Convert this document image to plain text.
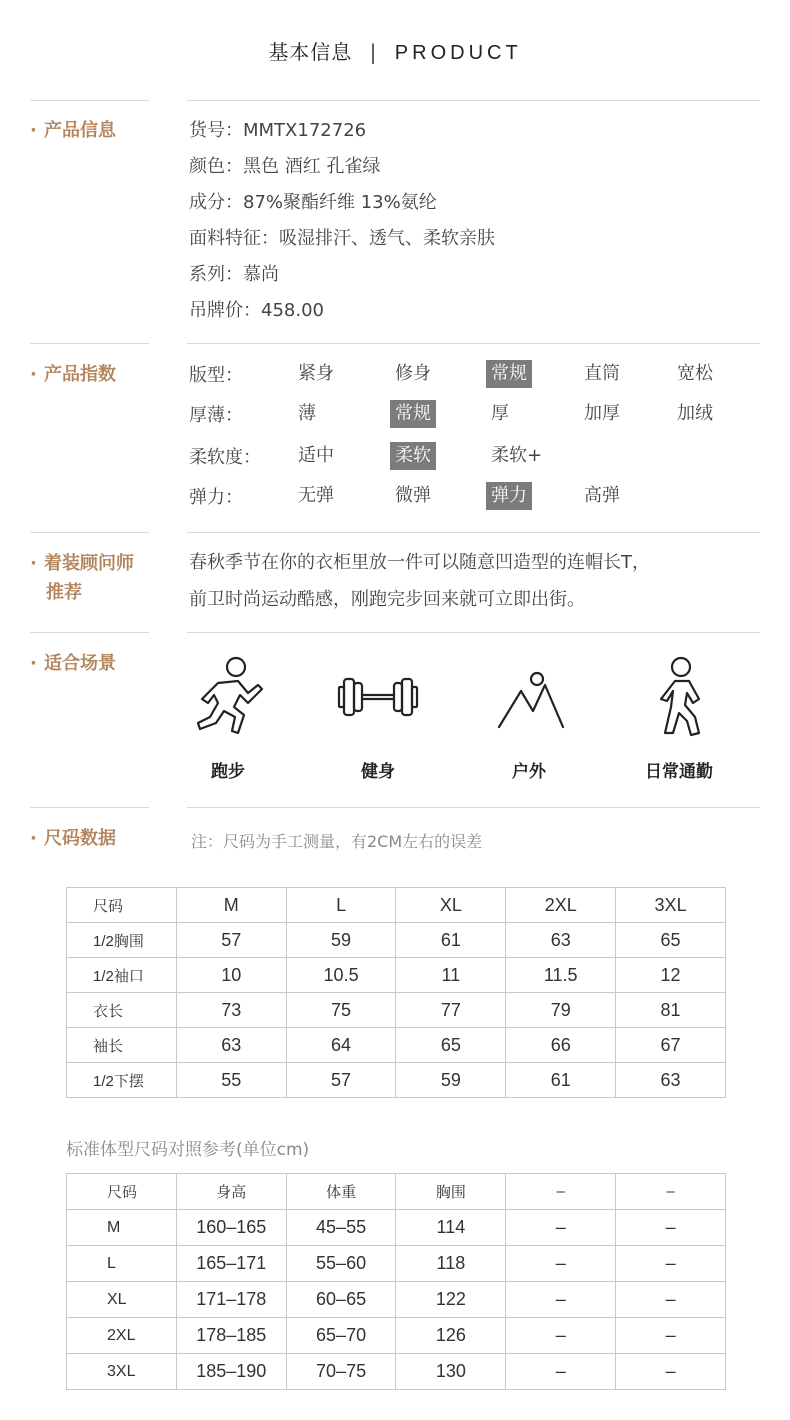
基本信息 | PRODUCT
· 产品信息	货号：MMTX172726
颜色：黑色 酒红 孔雀绿
成分：87%聚酯纤维 13%氨纶
面料特征：吸湿排汗、透气、柔软亲肤
系列：慕尚
吊牌价：458.00
· 产品指数	版型：	紧身	修身	常规	直筒	宽松
厚薄：	薄	常规	厚	加厚	加绒
柔软度： 适中	柔软	柔软+
弹力：	无弹	微弹	弹力	高弹
· 着装顾问师
推荐
春秋季节在你的衣柜里放一件可以随意凹造型的连帽长T，
前卫时尚运动酷感，刚跑完步回来就可立即出街。
· 适合场景
跑步	健身	户外	日常通勤
· 尺码数据	注：尺码为手工测量，有2CM左右的误差
尺码	M	L	XL	2XL	3XL
1/2胸围	57	59	61	63	65
1/2袖口	10	10.5	11	11.5	12
衣长	73	75	77	79	81
袖长	63	64	65	66	67
1/2下摆	55	57	59	61	63
标准体型尺码对照参考(单位cm)
尺码	身高	体重	胸围	–	–
M	160–165	45–55	114	–	–
L	165–171	55–60	118	–	–
XL	171–178	60–65	122	–	–
2XL	178–185	65–70	126	–	–
3XL	185–190	70–75	130	–	–
